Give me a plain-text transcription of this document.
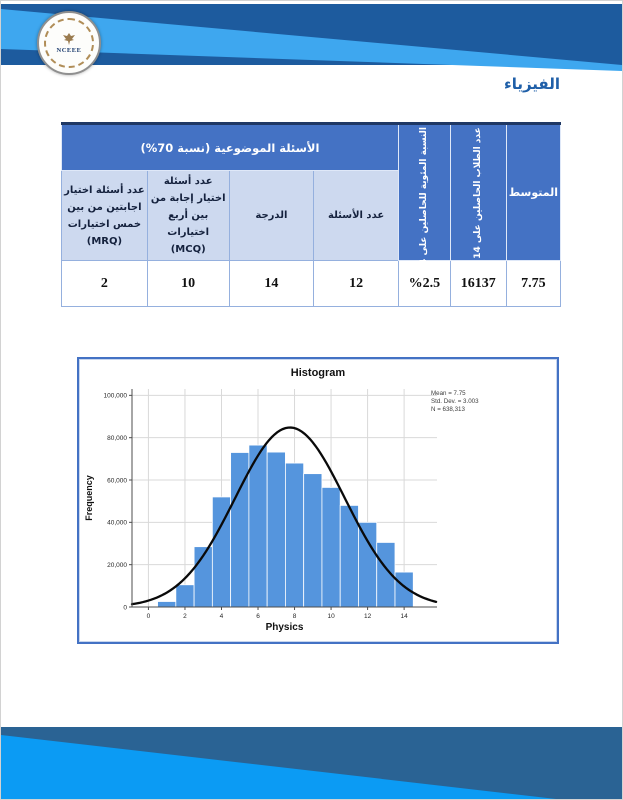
NCEEE
الفيزياء
المتوسط	عدد الطلاب الحاصلين على 14	النسبة المئوية للحاصلين على 14	الأسئلة الموضوعية (نسبة 70%)			
			عدد الأسئلة	الدرجة	عدد أسئلة اختيار إجابة من بين أربع اختيارات (MCQ)	عدد أسئلة اختيار اجابتين من بين خمس اختيارات (MRQ)
7.75	16137	%2.5	12	14	10	2
0
20,000
40,000
60,000
80,000
100,000
0	2	4	6	8	10	12	14
Histogram
Physics
Frequency
Mean = 7.75
Std. Dev. = 3.003
N = 638,313
